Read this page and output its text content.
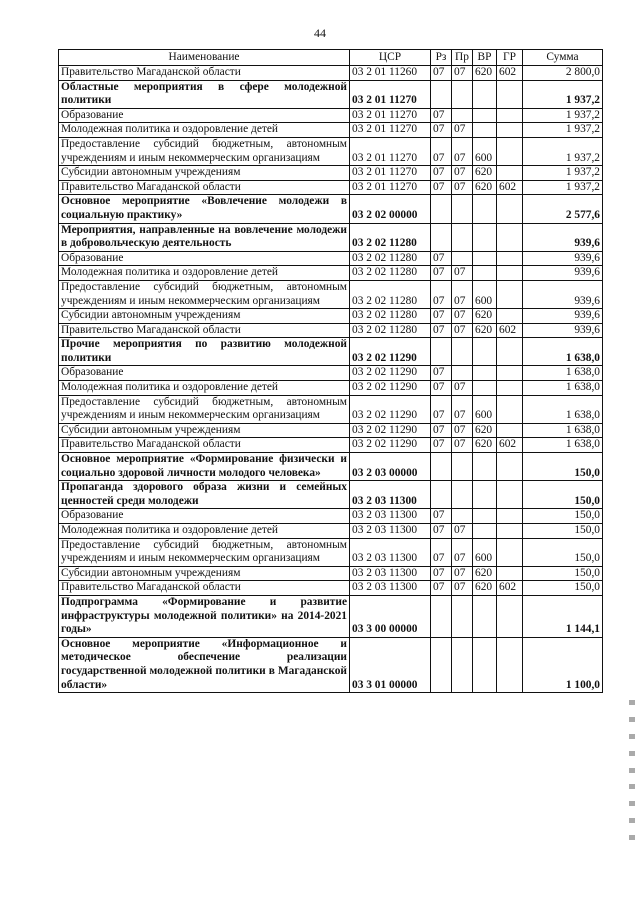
44
Наименование	ЦСР	Рз	Пр	ВР	ГР	Сумма
Правительство Магаданской области	03 2 01 11260	07	07	620	602	2 800,0
Областные мероприятия в сфере молодежной политики	03 2 01 11270					1 937,2
Образование	03 2 01 11270	07				1 937,2
Молодежная политика и оздоровление детей	03 2 01 11270	07	07			1 937,2
Предоставление субсидий бюджетным, автономным учреждениям и иным некоммерческим организациям	03 2 01 11270	07	07	600		1 937,2
Субсидии автономным учреждениям	03 2 01 11270	07	07	620		1 937,2
Правительство Магаданской области	03 2 01 11270	07	07	620	602	1 937,2
Основное мероприятие «Вовлечение молодежи в социальную практику»	03 2 02 00000					2 577,6
Мероприятия, направленные на вовлечение молодежи в добровольческую деятельность	03 2 02 11280					939,6
Образование	03 2 02 11280	07				939,6
Молодежная политика и оздоровление детей	03 2 02 11280	07	07			939,6
Предоставление субсидий бюджетным, автономным учреждениям и иным некоммерческим организациям	03 2 02 11280	07	07	600		939,6
Субсидии автономным учреждениям	03 2 02 11280	07	07	620		939,6
Правительство Магаданской области	03 2 02 11280	07	07	620	602	939,6
Прочие мероприятия по развитию молодежной политики	03 2 02 11290					1 638,0
Образование	03 2 02 11290	07				1 638,0
Молодежная политика и оздоровление детей	03 2 02 11290	07	07			1 638,0
Предоставление субсидий бюджетным, автономным учреждениям и иным некоммерческим организациям	03 2 02 11290	07	07	600		1 638,0
Субсидии автономным учреждениям	03 2 02 11290	07	07	620		1 638,0
Правительство Магаданской области	03 2 02 11290	07	07	620	602	1 638,0
Основное мероприятие «Формирование физически и социально здоровой личности молодого человека»	03 2 03 00000					150,0
Пропаганда здорового образа жизни и семейных ценностей среди молодежи	03 2 03 11300					150,0
Образование	03 2 03 11300	07				150,0
Молодежная политика и оздоровление детей	03 2 03 11300	07	07			150,0
Предоставление субсидий бюджетным, автономным учреждениям и иным некоммерческим организациям	03 2 03 11300	07	07	600		150,0
Субсидии автономным учреждениям	03 2 03 11300	07	07	620		150,0
Правительство Магаданской области	03 2 03 11300	07	07	620	602	150,0
Подпрограмма «Формирование и развитие инфраструктуры молодежной политики» на 2014-2021 годы»	03 3 00 00000					1 144,1
Основное мероприятие «Информационное и методическое обеспечение реализации государственной молодежной политики в Магаданской области»	03 3 01 00000					1 100,0
